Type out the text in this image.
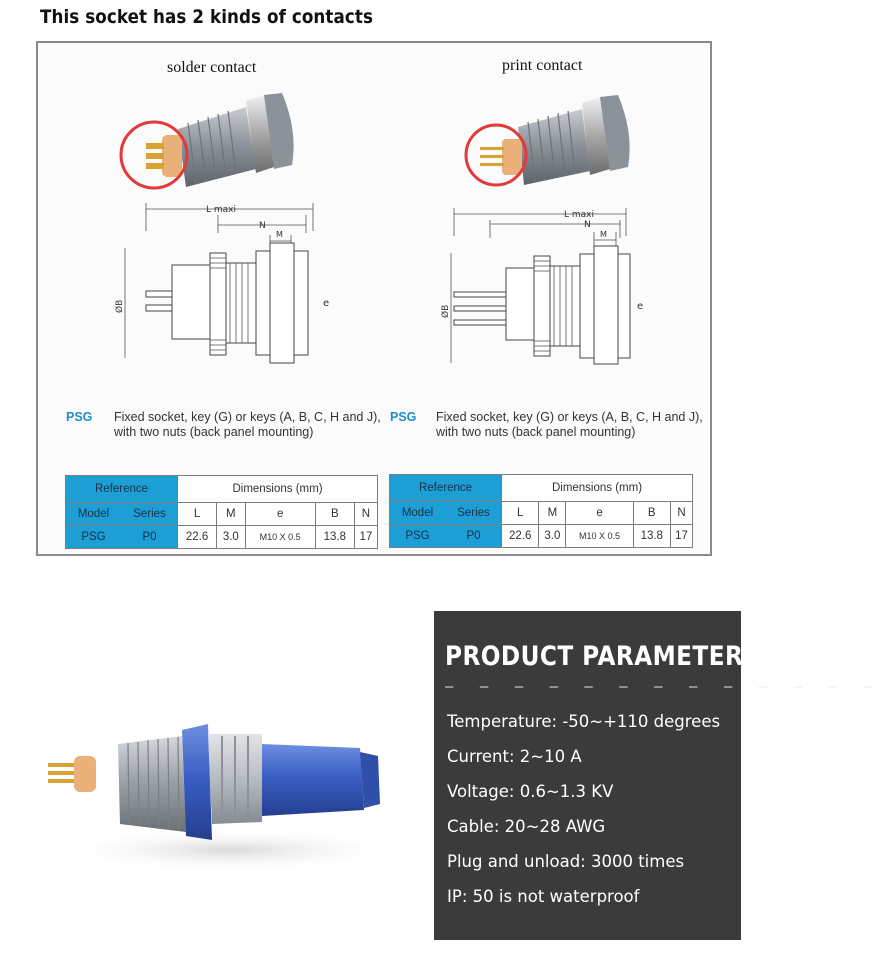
This socket has 2 kinds of contacts
solder contact
L maxi
N
M
ØB	e
PSG Fixed socket, key (G) or keys (A, B, C, H and J), with two nuts (back panel mounting)
Reference		Dimensions (mm)				
Model	Series	L	M	e	B	N
PSG	P0	22.6	3.0	M10 X 0.5	13.8	17
print contact
L maxi
N
M
ØB	e
PSG Fixed socket, key (G) or keys (A, B, C, H and J), with two nuts (back panel mounting)
Reference		Dimensions (mm)				
Model	Series	L	M	e	B	N
PSG	P0	22.6	3.0	M10 X 0.5	13.8	17
PRODUCT PARAMETERS
– – – – – – – – – – – – –
Temperature: -50~+110 degrees
Current: 2~10 A
Voltage: 0.6~1.3 KV
Cable: 20~28 AWG
Plug and unload: 3000 times
IP: 50 is not waterproof
